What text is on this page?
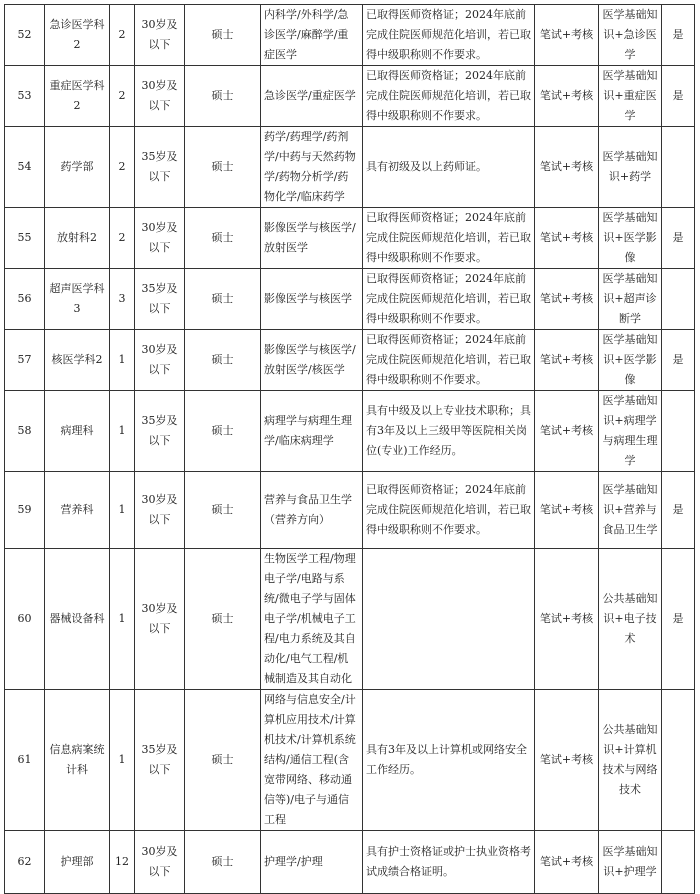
52	急诊医学科2	2	30岁及以下	硕士	内科学/外科学/急诊医学/麻醉学/重症医学	已取得医师资格证；2024年底前完成住院医师规范化培训，若已取得中级职称则不作要求。	笔试+考核	医学基础知识+急诊医学	是
53	重症医学科2	2	30岁及以下	硕士	急诊医学/重症医学	已取得医师资格证；2024年底前完成住院医师规范化培训，若已取得中级职称则不作要求。	笔试+考核	医学基础知识+重症医学	是
54	药学部	2	35岁及以下	硕士	药学/药理学/药剂学/中药与天然药物学/药物分析学/药物化学/临床药学	具有初级及以上药师证。	笔试+考核	医学基础知识+药学	
55	放射科2	2	30岁及以下	硕士	影像医学与核医学/放射医学	已取得医师资格证；2024年底前完成住院医师规范化培训，若已取得中级职称则不作要求。	笔试+考核	医学基础知识+医学影像	是
56	超声医学科3	3	35岁及以下	硕士	影像医学与核医学	已取得医师资格证；2024年底前完成住院医师规范化培训，若已取得中级职称则不作要求。	笔试+考核	医学基础知识+超声诊断学	
57	核医学科2	1	30岁及以下	硕士	影像医学与核医学/放射医学/核医学	已取得医师资格证；2024年底前完成住院医师规范化培训，若已取得中级职称则不作要求。	笔试+考核	医学基础知识+医学影像	是
58	病理科	1	35岁及以下	硕士	病理学与病理生理学/临床病理学	具有中级及以上专业技术职称；具有3年及以上三级甲等医院相关岗位(专业)工作经历。	笔试+考核	医学基础知识+病理学与病理生理学	
59	营养科	1	30岁及以下	硕士	营养与食品卫生学（营养方向）	已取得医师资格证；2024年底前完成住院医师规范化培训，若已取得中级职称则不作要求。	笔试+考核	医学基础知识+营养与食品卫生学	是
60	器械设备科	1	30岁及以下	硕士	生物医学工程/物理电子学/电路与系统/微电子学与固体电子学/机械电子工程/电力系统及其自动化/电气工程/机械制造及其自动化		笔试+考核	公共基础知识+电子技术	是
61	信息病案统计科	1	35岁及以下	硕士	网络与信息安全/计算机应用技术/计算机技术/计算机系统结构/通信工程(含宽带网络、移动通信等)/电子与通信工程	具有3年及以上计算机或网络安全工作经历。	笔试+考核	公共基础知识+计算机技术与网络技术	
62	护理部	12	30岁及以下	硕士	护理学/护理	具有护士资格证或护士执业资格考试成绩合格证明。	笔试+考核	医学基础知识+护理学	
